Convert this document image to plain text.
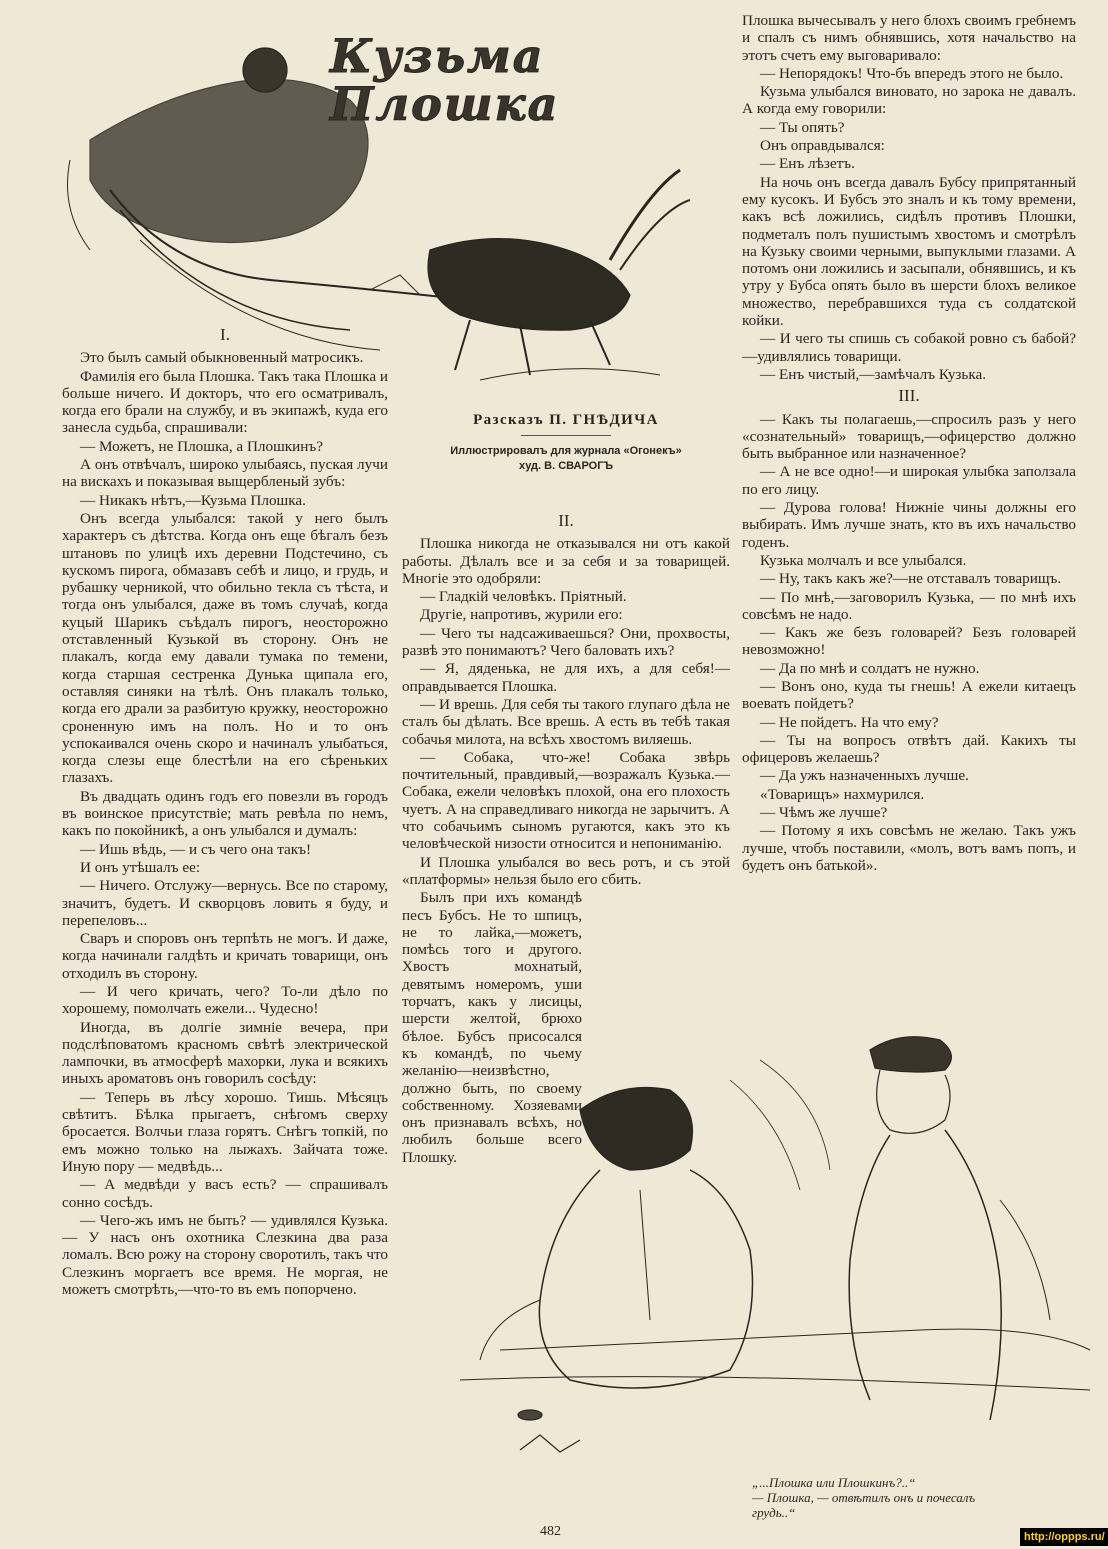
Кузьма
Плошка
Разсказъ П. ГНѢДИЧА
Иллюстрировалъ для журнала «Огонекъ»
худ. В. СВАРОГЪ
I.

Это былъ самый обыкновенный матросикъ.

Фамилiя его была Плошка. Такъ така Плошка и больше ничего. И докторъ, что его осматривалъ, когда его брали на службу, и въ экипажѣ, куда его занесла судьба, спрашивали:

— Можетъ, не Плошка, а Плошкинъ?

А онъ отвѣчалъ, широко улыбаясь, пуская лучи на вискахъ и показывая выщербленый зубъ:

— Никакъ нѣтъ,—Кузьма Плошка.

Онъ всегда улыбался: такой у него былъ характеръ съ дѣтства. Когда онъ еще бѣгалъ безъ штановъ по улицѣ ихъ деревни Подстечино, съ кускомъ пирога, обмазавъ себѣ и лицо, и грудь, и рубашку черникой, что обильно текла съ тѣста, и тогда онъ улыбался, даже въ томъ случаѣ, когда куцый Шарикъ съѣдалъ пирогъ, неосторожно отставленный Кузькой въ сторону. Онъ не плакалъ, когда ему давали тумака по темени, когда старшая сестренка Дунька щипала его, оставляя синяки на тѣлѣ. Онъ плакалъ только, когда его драли за разбитую кружку, неосторожно сроненную имъ на полъ. Но и то онъ успокаивался очень скоро и начиналъ улыбаться, когда слезы еще блестѣли на его сѣреньких глазахъ.

Въ двадцать одинъ годъ его повезли въ городъ въ воинское присутствiе; мать ревѣла по немъ, какъ по покойникѣ, а онъ улыбался и думалъ:

— Ишь вѣдь, — и съ чего она такъ!

И онъ утѣшалъ ее:

— Ничего. Отслужу—вернусь. Все по старому, значитъ, будетъ. И скворцовъ ловить я буду, и перепеловъ...

Сваръ и споровъ онъ терпѣть не могъ. И даже, когда начинали галдѣть и кричать товарищи, онъ отходилъ въ сторону.

— И чего кричать, чего? То-ли дѣло по хорошему, помолчать ежели... Чудесно!

Иногда, въ долгiе зимнiе вечера, при подслѣповатомъ красномъ свѣтѣ электрической лампочки, въ атмосферѣ махорки, лука и всякихъ иныхъ ароматовъ онъ говорилъ сосѣду:

— Теперь въ лѣсу хорошо. Тишь. Мѣсяцъ свѣтитъ. Бѣлка прыгаетъ, снѣгомъ сверху бросается. Волчьи глаза горятъ. Снѣгъ топкiй, по емъ можно только на лыжахъ. Зайчата тоже. Иную пору — медвѣдь...

— А медвѣди у васъ есть? — спрашивалъ сонно сосѣдъ.

— Чего-жъ имъ не быть? — удивлялся Кузька. — У насъ онъ охотника Слезкина два раза ломалъ. Всю рожу на сторону своротилъ, такъ что Слезкинъ моргаетъ все время. Не моргая, не можетъ смотрѣть,—что-то въ емъ попорчено.

II.

Плошка никогда не отказывался ни отъ какой работы. Дѣлалъ все и за себя и за товарищей. Многiе это одобряли:

— Гладкiй человѣкъ. Прiятный.

Другiе, напротивъ, журили его:

— Чего ты надсаживаешься? Они, прохвосты, развѣ это понимаютъ? Чего баловать ихъ?

— Я, дяденька, не для ихъ, а для себя!—оправдывается Плошка.

— И врешь. Для себя ты такого глупаго дѣла не сталъ бы дѣлать. Все врешь. А есть въ тебѣ такая собачья милота, на всѣхъ хвостомъ виляешь.

— Собака, что-же! Собака звѣрь почтительный, правдивый,—возражалъ Кузька.—Собака, ежели человѣкъ плохой, она его плохость чуетъ. А на справедливаго никогда не зарычитъ. А что собачьимъ сыномъ ругаются, какъ это къ человѣческой низости относится и непониманiю.

И Плошка улыбался во весь ротъ, и съ этой «платформы» нельзя было его сбить.

Былъ при ихъ командѣ песъ Бубсъ. Не то шпицъ, не то лайка,—можетъ, помѣсь того и другого. Хвостъ мохнатый, девятымъ номеромъ, уши торчатъ, какъ у лисицы, шерсти желтой, брюхо бѣлое. Бубсъ присосался къ командѣ, по чьему желанiю—неизвѣстно, должно быть, по своему собственному. Хозяевами онъ признавалъ всѣхъ, но любилъ больше всего Плошку.

Плошка вычесывалъ у него блохъ своимъ гребнемъ и спалъ съ нимъ обнявшись, хотя начальство на этотъ счетъ ему выговаривало:

— Непорядокъ! Что-бъ впередъ этого не было.

Кузьма улыбался виновато, но зарока не давалъ. А когда ему говорили:

— Ты опять?

Онъ оправдывался:

— Енъ лѣзетъ.

На ночь онъ всегда давалъ Бубсу припрятанный ему кусокъ. И Бубсъ это зналъ и къ тому времени, какъ всѣ ложились, сидѣлъ противъ Плошки, подметалъ полъ пушистымъ хвостомъ и смотрѣлъ на Кузьку своими черными, выпуклыми глазами. А потомъ они ложились и засыпали, обнявшись, и къ утру у Бубса опять было въ шерсти блохъ великое множество, перебравшихся туда съ солдатской койки.

— И чего ты спишь съ собакой ровно съ бабой?—удивлялись товарищи.

— Енъ чистый,—замѣчалъ Кузька.

III.

— Какъ ты полагаешь,—спросилъ разъ у него «сознательный» товарищъ,—офицерство должно быть выбранное или назначенное?

— А не все одно!—и широкая улыбка заползала по его лицу.

— Дурова голова! Нижнiе чины должны его выбирать. Имъ лучше знать, кто въ ихъ начальство годенъ.

Кузька молчалъ и все улыбался.

— Ну, такъ какъ же?—не отставалъ товарищъ.

— По мнѣ,—заговорилъ Кузька, — по мнѣ ихъ совсѣмъ не надо.

— Какъ же безъ головарей? Безъ головарей невозможно!

— Да по мнѣ и солдатъ не нужно.

— Вонъ оно, куда ты гнешь! А ежели китаецъ воевать пойдетъ?

— Не пойдетъ. На что ему?

— Ты на вопросъ отвѣтъ дай. Какихъ ты офицеровъ желаешь?

— Да ужъ назначенныхъ лучше.

«Товарищъ» нахмурился.

— Чѣмъ же лучше?

— Потому я ихъ совсѣмъ не желаю. Такъ ужъ лучше, чтобъ поставили, «молъ, вотъ вамъ попъ, и будетъ онъ батькой».

„...Плошка или Плошкинъ?..“
— Плошка, — отвѣтилъ онъ и почесалъ грудь..“
482	http://oppps.ru/
